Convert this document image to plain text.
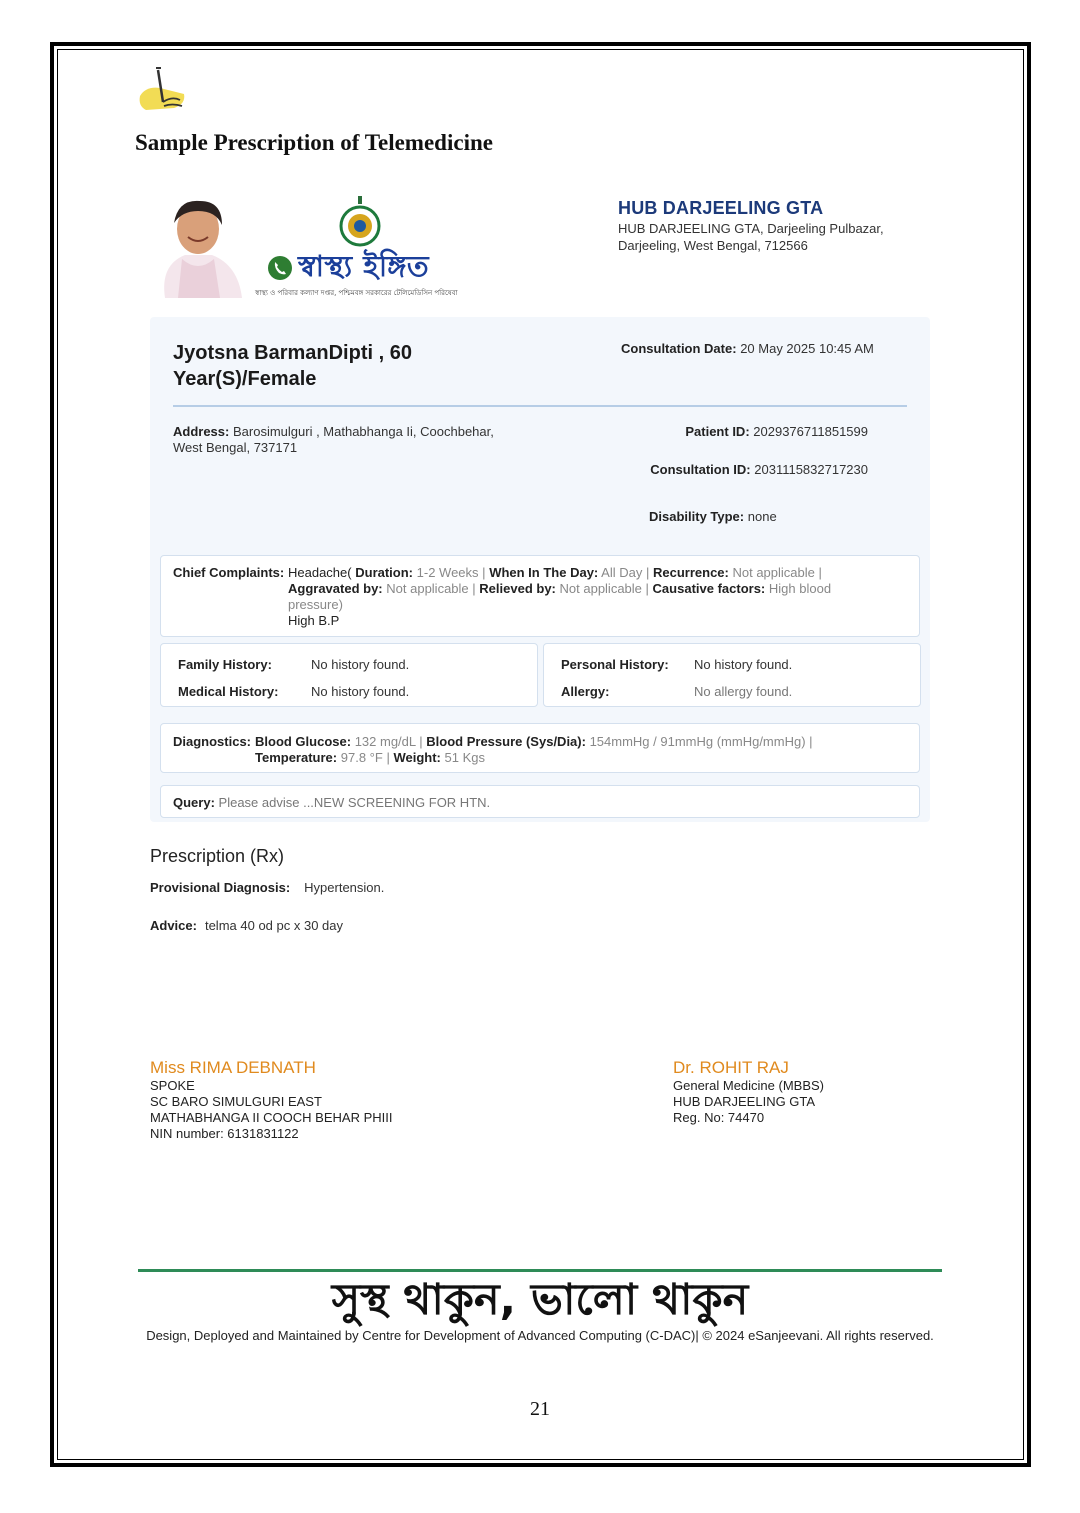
Sample Prescription of Telemedicine
স্বাস্থ্য ইঙ্গিত
স্বাস্থ্য ও পরিবার কল্যাণ দপ্তর, পশ্চিমবঙ্গ সরকারের টেলিমেডিসিন পরিষেবা
HUB DARJEELING GTA
HUB DARJEELING GTA, Darjeeling Pulbazar,
Darjeeling, West Bengal, 712566
Jyotsna BarmanDipti , 60
Year(S)/Female
Consultation Date: 20 May 2025 10:45 AM
Address: Barosimulguri , Mathabhanga Ii, Coochbehar, West Bengal, 737171
Patient ID: 2029376711851599
Consultation ID: 2031115832717230
Disability Type: none
Chief Complaints: Headache( Duration: 1-2 Weeks | When In The Day: All Day | Recurrence: Not applicable | Aggravated by: Not applicable | Relieved by: Not applicable | Causative factors: High blood pressure)
High B.P
Family History:	No history found.
Medical History:	No history found.
Personal History: No history found.
Allergy:	No allergy found.
Diagnostics: Blood Glucose: 132 mg/dL | Blood Pressure (Sys/Dia): 154mmHg / 91mmHg (mmHg/mmHg) | Temperature: 97.8 °F | Weight: 51 Kgs
Query: Please advise ...NEW SCREENING FOR HTN.
Prescription (Rx)
Provisional Diagnosis: Hypertension.
Advice: telma 40 od pc x 30 day
Miss RIMA DEBNATH
SPOKE
SC BARO SIMULGURI EAST
MATHABHANGA II COOCH BEHAR PHIII
NIN number: 6131831122
Dr. ROHIT RAJ
General Medicine (MBBS)
HUB DARJEELING GTA
Reg. No: 74470
সুস্থ থাকুন, ভালো থাকুন
Design, Deployed and Maintained by Centre for Development of Advanced Computing (C-DAC)| © 2024 eSanjeevani. All rights reserved.
21
